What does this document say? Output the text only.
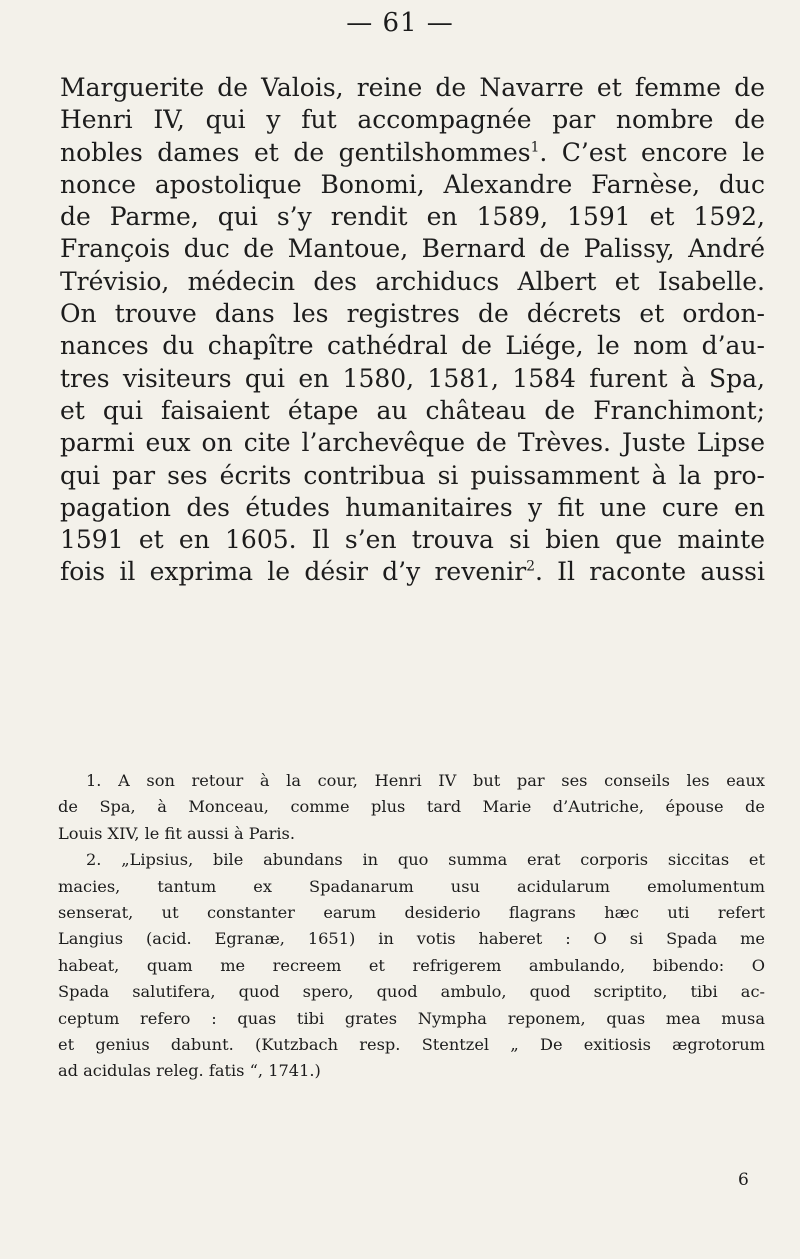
— 61 —
Marguerite de Valois, reine de Navarre et femme de
Henri IV, qui y fut accompagnée par nombre de
nobles dames et de gentilshommes$^1$. C’est encore le
nonce apostolique Bonomi, Alexandre Farnèse, duc
de Parme, qui s’y rendit en 1589, 1591 et 1592,
François duc de Mantoue, Bernard de Palissy, André
Trévisio, médecin des archiducs Albert et Isabelle.
On trouve dans les registres de décrets et ordon-
nances du chapître cathédral de Liége, le nom d’au-
tres visiteurs qui en 1580, 1581, 1584 furent à Spa,
et qui faisaient étape au château de Franchimont;
parmi eux on cite l’archevêque de Trèves. Juste Lipse
qui par ses écrits contribua si puissamment à la pro-
pagation des études humanitaires y fit une cure en
1591 et en 1605. Il s’en trouva si bien que mainte
fois il exprima le désir d’y revenir$^2$. Il raconte aussi
1. A son retour à la cour, Henri IV but par ses conseils les eaux
de Spa, à Monceau, comme plus tard Marie d’Autriche, épouse de
Louis XIV, le fit aussi à Paris.
2. „Lipsius, bile abundans in quo summa erat corporis siccitas et
macies, tantum ex Spadanarum usu acidularum emolumentum
senserat, ut constanter earum desiderio flagrans hæc uti refert
Langius (acid. Egranæ, 1651) in votis haberet : O si Spada me
habeat, quam me recreem et refrigerem ambulando, bibendo: O
Spada salutifera, quod spero, quod ambulo, quod scriptito, tibi ac-
ceptum refero : quas tibi grates Nympha reponem, quas mea musa
et genius dabunt. (Kutzbach resp. Stentzel „ De exitiosis ægrotorum
ad acidulas releg. fatis “, 1741.)
6
